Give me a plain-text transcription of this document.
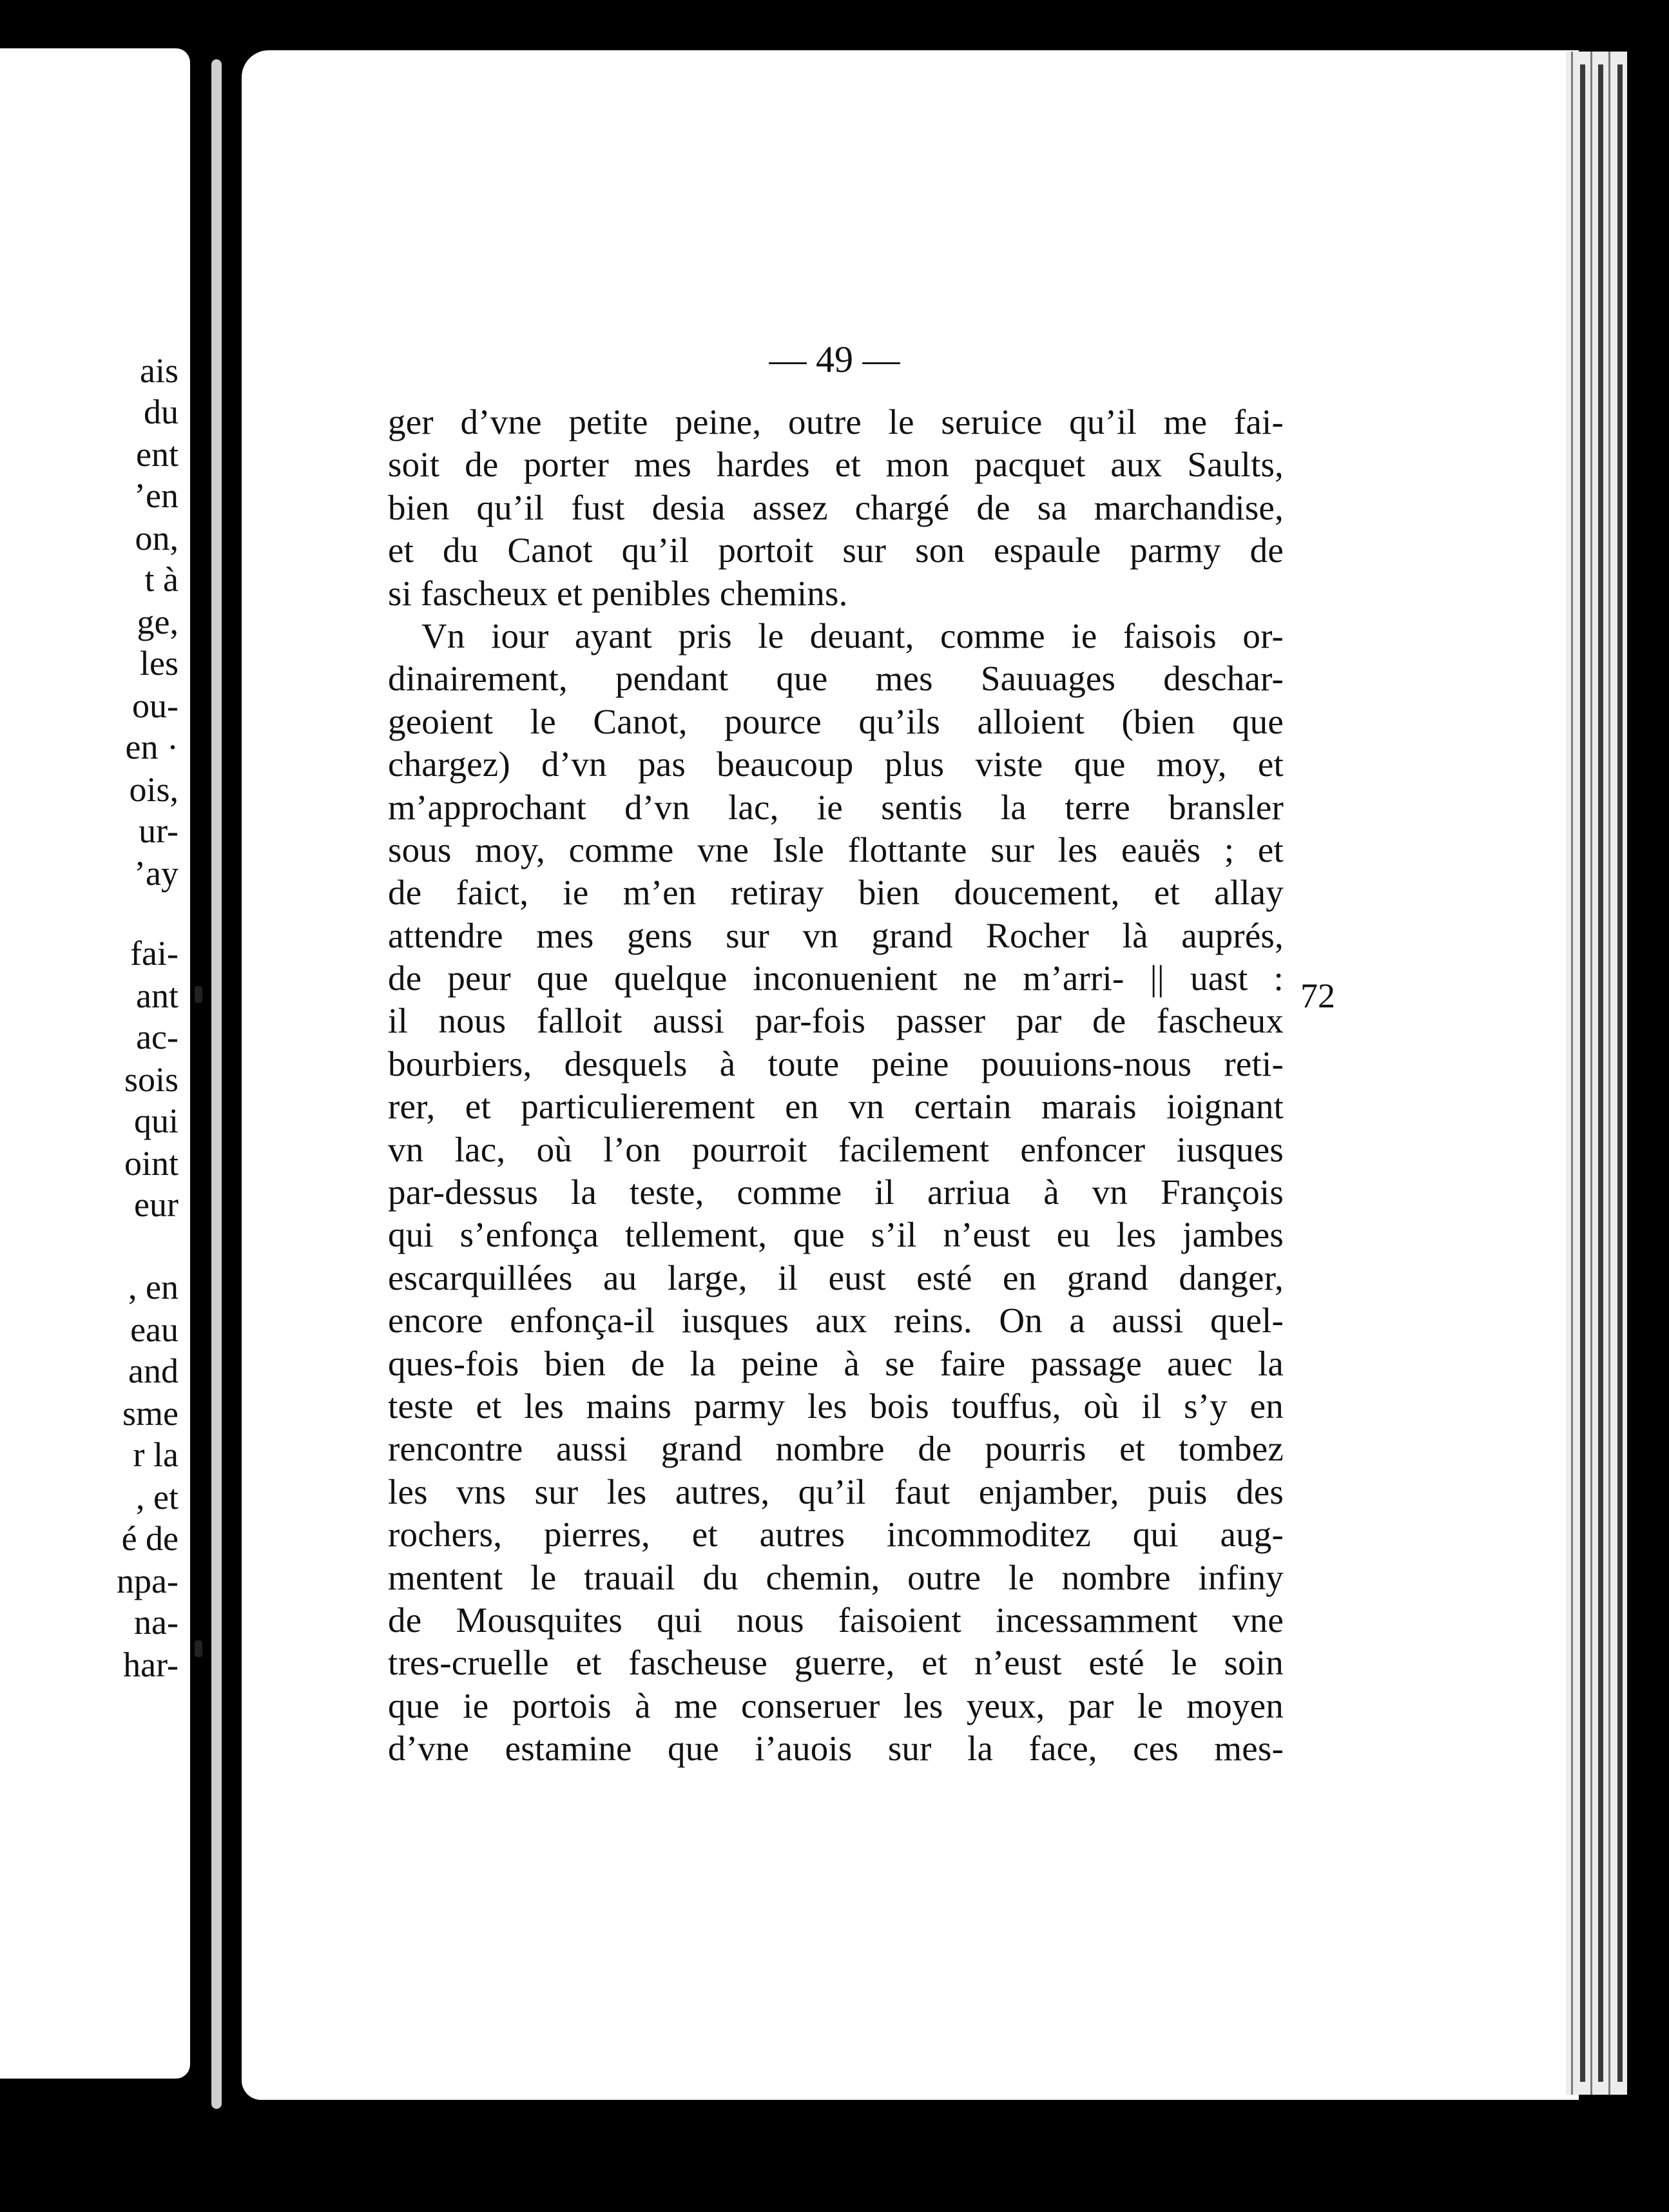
ais
du
ent
’en
on,
t à
ge,
les
ou-
en ·
ois,
ur-
’ay
fai-
ant
ac-
sois
qui
oint
eur
, en
eau
and
sme
r la
, et
é de
npa-
na-
har-
— 49 —
ger d’vne petite peine, outre le seruice qu’il me fai-
soit de porter mes hardes et mon pacquet aux Saults,
bien qu’il fust desia assez chargé de sa marchandise,
et du Canot qu’il portoit sur son espaule parmy de
si fascheux et penibles chemins.
Vn iour ayant pris le deuant, comme ie faisois or-
dinairement, pendant que mes Sauuages deschar-
geoient le Canot, pource qu’ils alloient (bien que
chargez) d’vn pas beaucoup plus viste que moy, et
m’approchant d’vn lac, ie sentis la terre bransler
sous moy, comme vne Isle flottante sur les eauës ; et
de faict, ie m’en retiray bien doucement, et allay
attendre mes gens sur vn grand Rocher là auprés,
de peur que quelque inconuenient ne m’arri- || uast :
il nous falloit aussi par-fois passer par de fascheux
bourbiers, desquels à toute peine pouuions-nous reti-
rer, et particulierement en vn certain marais ioignant
vn lac, où l’on pourroit facilement enfoncer iusques
par-dessus la teste, comme il arriua à vn François
qui s’enfonça tellement, que s’il n’eust eu les jambes
escarquillées au large, il eust esté en grand danger,
encore enfonça-il iusques aux reins. On a aussi quel-
ques-fois bien de la peine à se faire passage auec la
teste et les mains parmy les bois touffus, où il s’y en
rencontre aussi grand nombre de pourris et tombez
les vns sur les autres, qu’il faut enjamber, puis des
rochers, pierres, et autres incommoditez qui aug-
mentent le trauail du chemin, outre le nombre infiny
de Mousquites qui nous faisoient incessamment vne
tres-cruelle et fascheuse guerre, et n’eust esté le soin
que ie portois à me conseruer les yeux, par le moyen
d’vne estamine que i’auois sur la face, ces mes-
72
